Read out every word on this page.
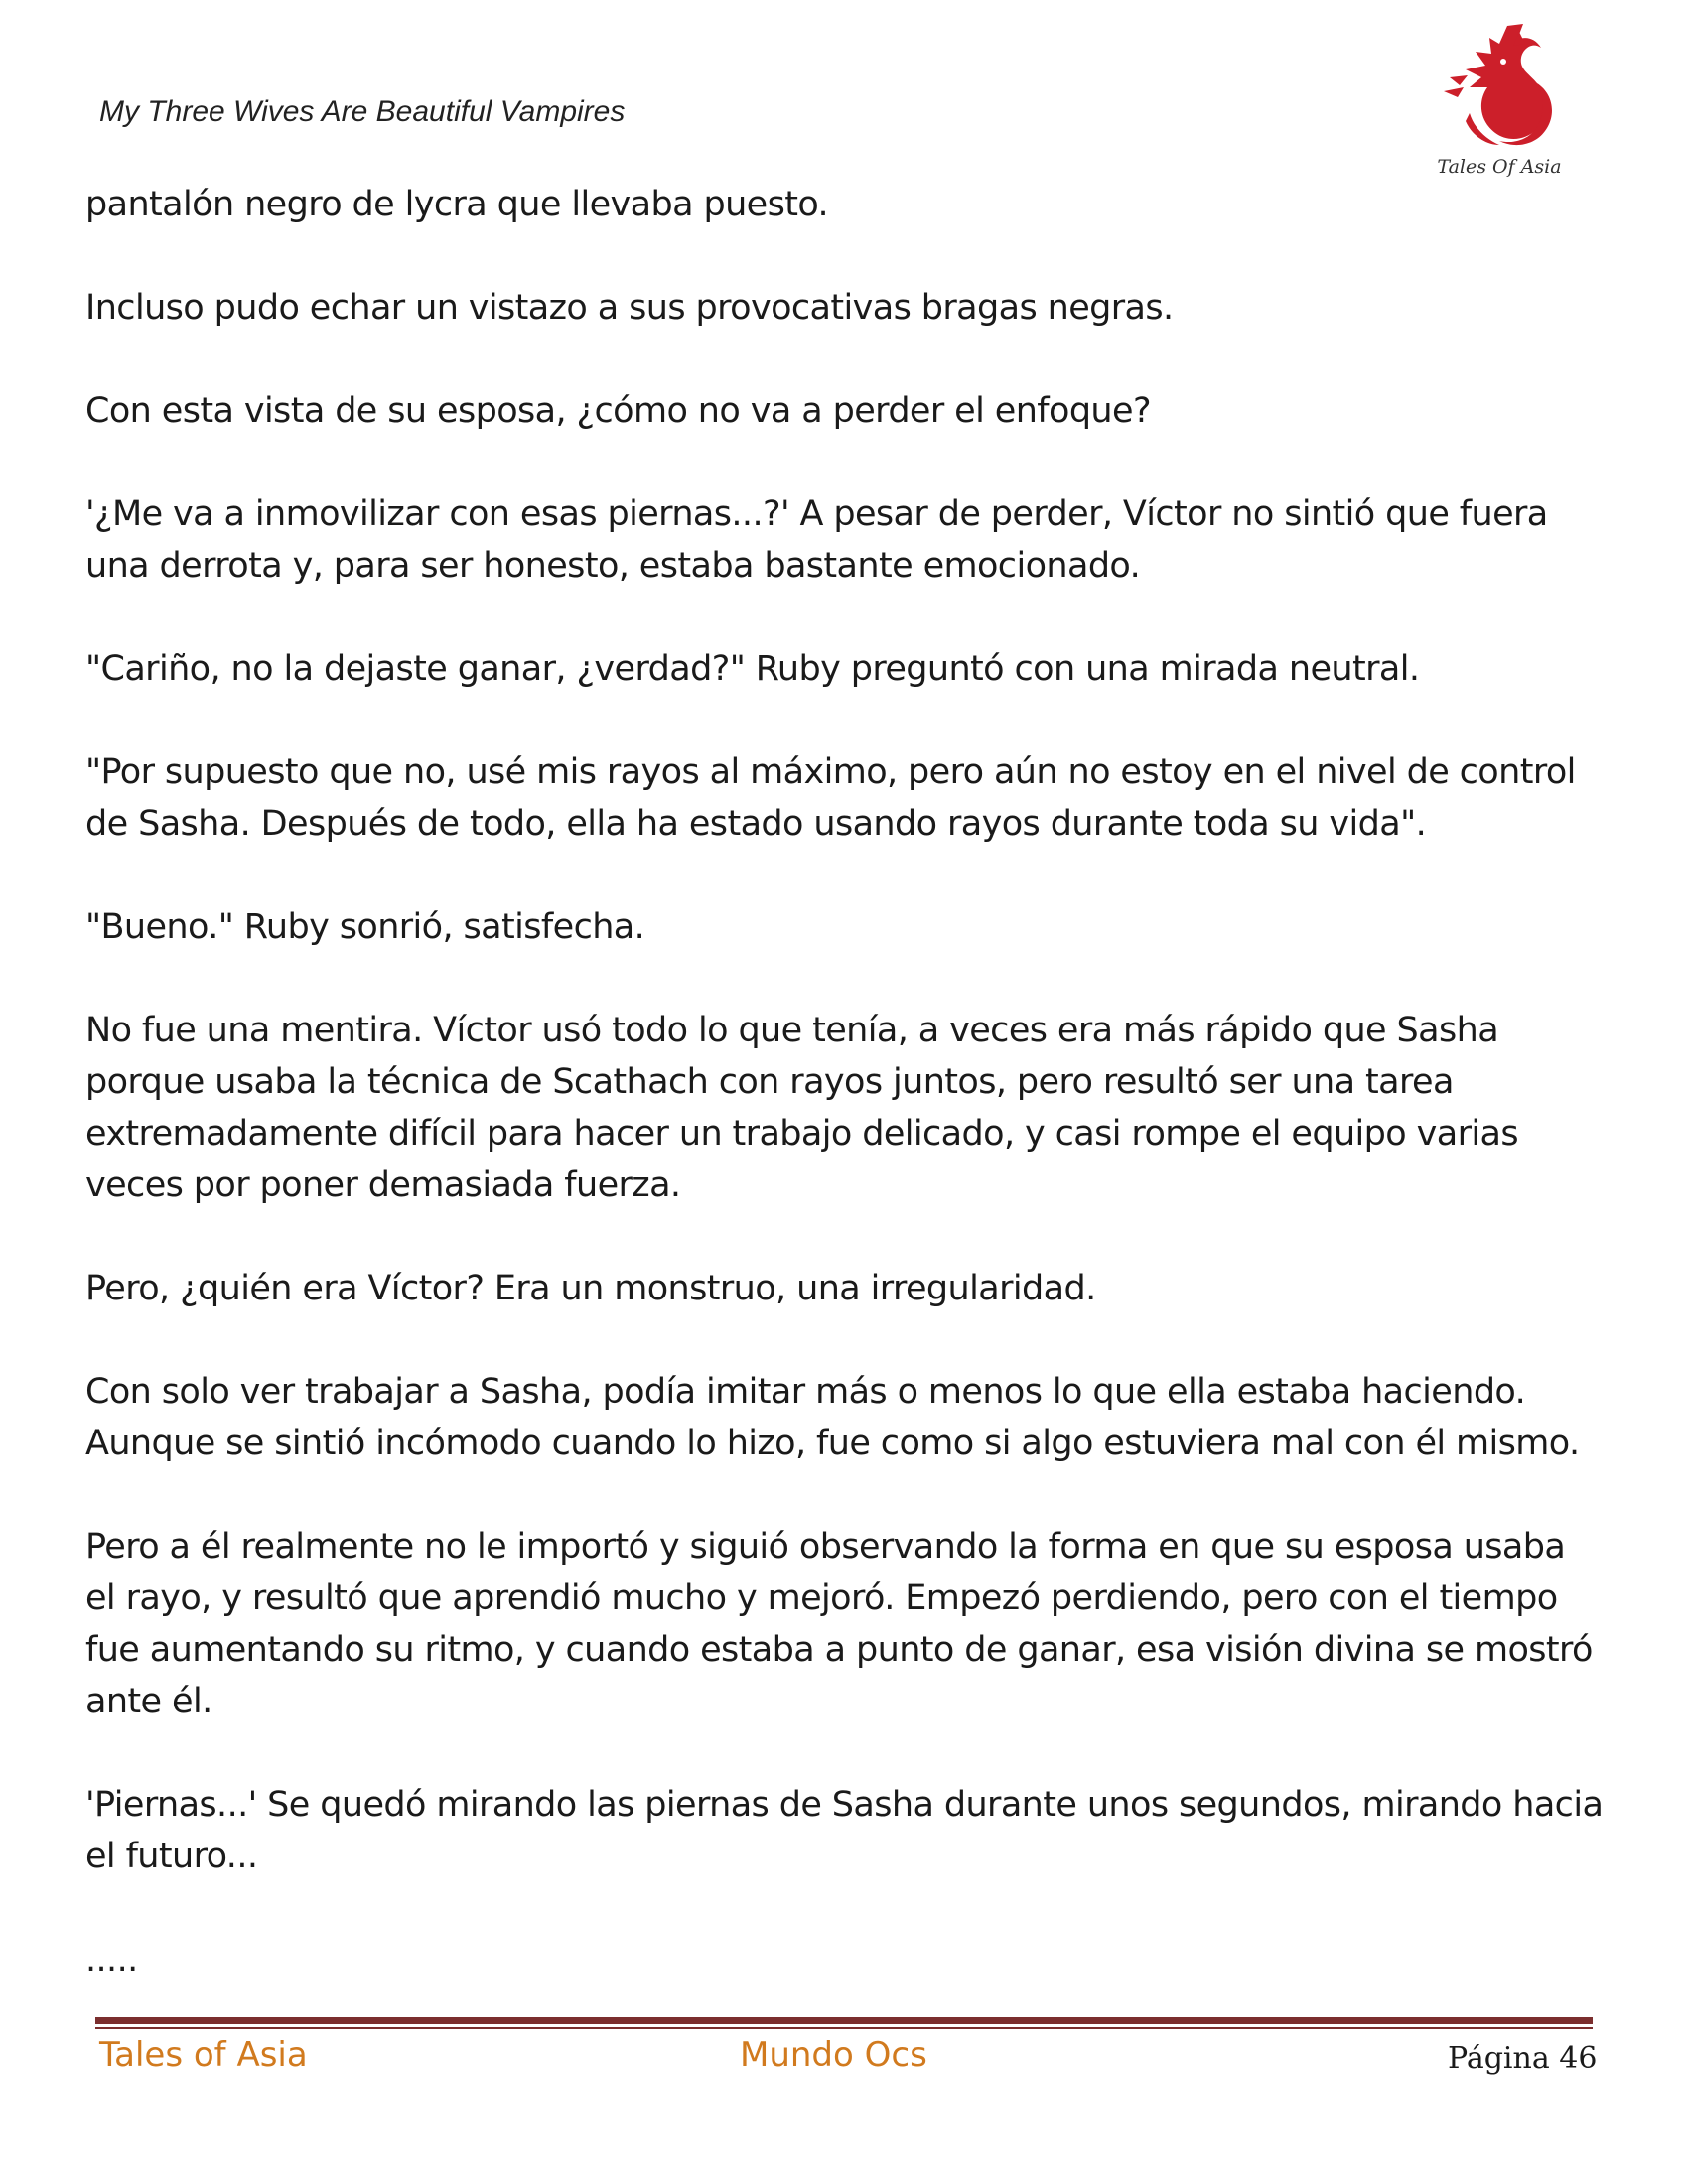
My Three Wives Are Beautiful Vampires
Tales Of Asia

pantalón negro de lycra que llevaba puesto.

Incluso pudo echar un vistazo a sus provocativas bragas negras.

Con esta vista de su esposa, ¿cómo no va a perder el enfoque?

'¿Me va a inmovilizar con esas piernas...?' A pesar de perder, Víctor no sintió que fuera
una derrota y, para ser honesto, estaba bastante emocionado.

"Cariño, no la dejaste ganar, ¿verdad?" Ruby preguntó con una mirada neutral.

"Por supuesto que no, usé mis rayos al máximo, pero aún no estoy en el nivel de control
de Sasha. Después de todo, ella ha estado usando rayos durante toda su vida".

"Bueno." Ruby sonrió, satisfecha.

No fue una mentira. Víctor usó todo lo que tenía, a veces era más rápido que Sasha
porque usaba la técnica de Scathach con rayos juntos, pero resultó ser una tarea
extremadamente difícil para hacer un trabajo delicado, y casi rompe el equipo varias
veces por poner demasiada fuerza.

Pero, ¿quién era Víctor? Era un monstruo, una irregularidad.

Con solo ver trabajar a Sasha, podía imitar más o menos lo que ella estaba haciendo.
Aunque se sintió incómodo cuando lo hizo, fue como si algo estuviera mal con él mismo.

Pero a él realmente no le importó y siguió observando la forma en que su esposa usaba
el rayo, y resultó que aprendió mucho y mejoró. Empezó perdiendo, pero con el tiempo
fue aumentando su ritmo, y cuando estaba a punto de ganar, esa visión divina se mostró
ante él.

'Piernas...' Se quedó mirando las piernas de Sasha durante unos segundos, mirando hacia
el futuro...

.....

Tales of Asia	Mundo Ocs	Página 46
